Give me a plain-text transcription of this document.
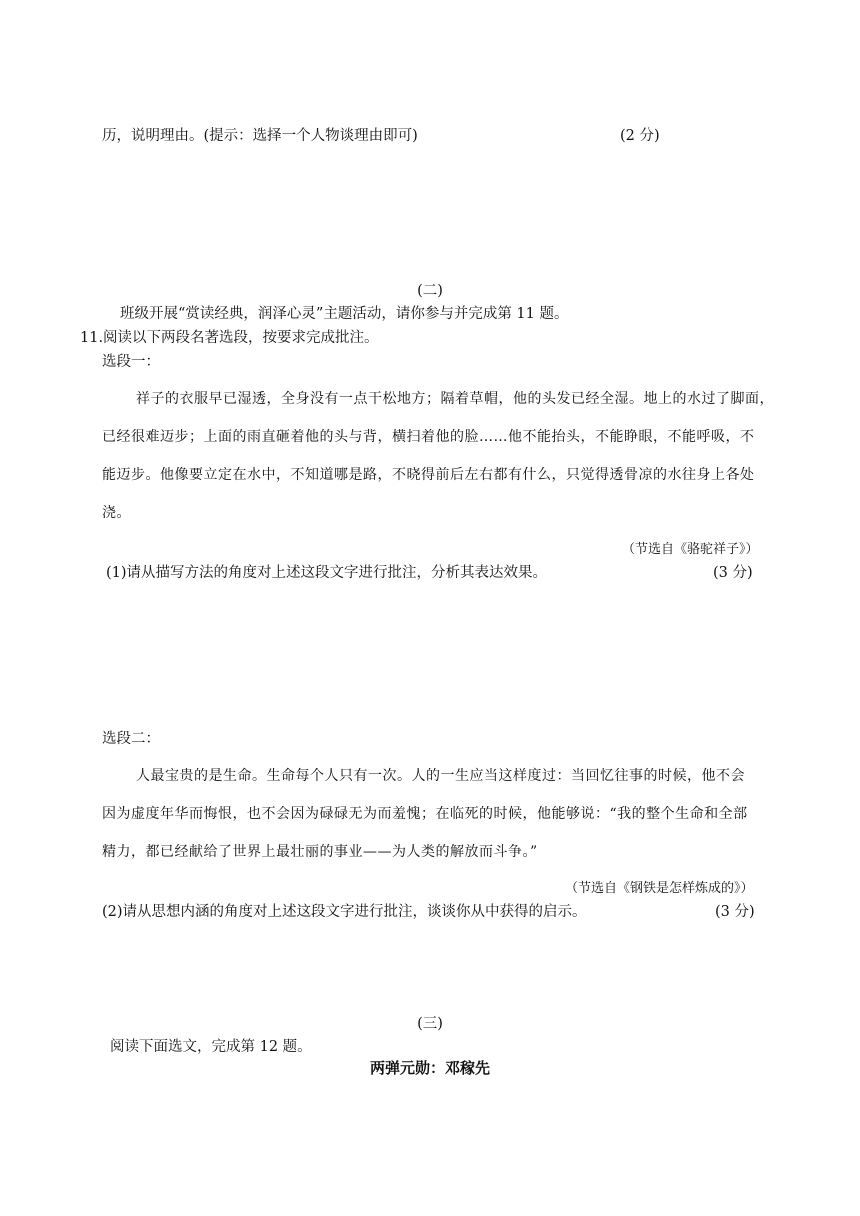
历，说明理由。(提示：选择一个人物谈理由即可)	(2 分)
(二)
班级开展“赏读经典，润泽心灵”主题活动，请你参与并完成第 11 题。
11.阅读以下两段名著选段，按要求完成批注。
选段一：
祥子的衣服早已湿透，全身没有一点干松地方；隔着草帽，他的头发已经全湿。地上的水过了脚面，
已经很难迈步；上面的雨直砸着他的头与背，横扫着他的脸……他不能抬头，不能睁眼，不能呼吸，不
能迈步。他像要立定在水中，不知道哪是路，不晓得前后左右都有什么，只觉得透骨凉的水往身上各处
浇。
（节选自《骆驼祥子》）
(1)请从描写方法的角度对上述这段文字进行批注，分析其表达效果。	(3 分)
选段二：
人最宝贵的是生命。生命每个人只有一次。人的一生应当这样度过：当回忆往事的时候，他不会
因为虚度年华而悔恨，也不会因为碌碌无为而羞愧；在临死的时候，他能够说：“我的整个生命和全部
精力，都已经献给了世界上最壮丽的事业——为人类的解放而斗争。”
（节选自《钢铁是怎样炼成的》）
(2)请从思想内涵的角度对上述这段文字进行批注，谈谈你从中获得的启示。	(3 分)
(三)
阅读下面选文，完成第 12 题。
两弹元勋：邓稼先
